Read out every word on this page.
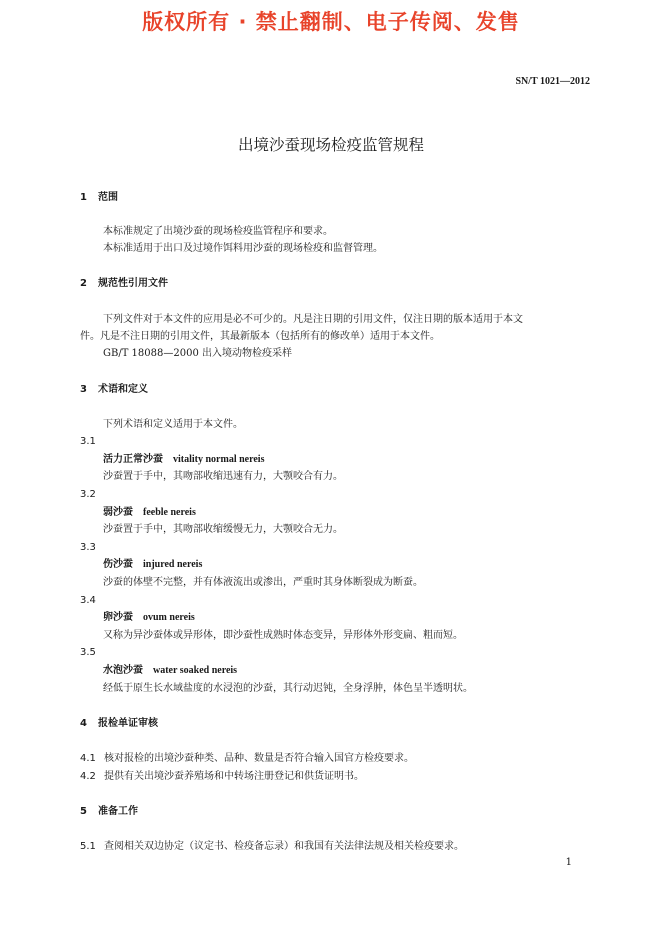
版权所有 · 禁止翻制、电子传阅、发售
SN/T 1021—2012
出境沙蚕现场检疫监管规程
1 范围
本标准规定了出境沙蚕的现场检疫监管程序和要求。
本标准适用于出口及过境作饵料用沙蚕的现场检疫和监督管理。
2 规范性引用文件
下列文件对于本文件的应用是必不可少的。凡是注日期的引用文件，仅注日期的版本适用于本文
件。凡是不注日期的引用文件，其最新版本（包括所有的修改单）适用于本文件。
GB/T 18088—2000 出入境动物检疫采样
3 术语和定义
下列术语和定义适用于本文件。
3.1
活力正常沙蚕 vitality normal nereis
沙蚕置于手中，其吻部收缩迅速有力，大颚咬合有力。
3.2
弱沙蚕 feeble nereis
沙蚕置于手中，其吻部收缩缓慢无力，大颚咬合无力。
3.3
伤沙蚕 injured nereis
沙蚕的体壁不完整，并有体液流出或渗出，严重时其身体断裂成为断蚕。
3.4
卵沙蚕 ovum nereis
又称为异沙蚕体或异形体，即沙蚕性成熟时体态变异，异形体外形变扁、粗而短。
3.5
水泡沙蚕 water soaked nereis
经低于原生长水域盐度的水浸泡的沙蚕，其行动迟钝，全身浮肿，体色呈半透明状。
4 报检单证审核
4.1 核对报检的出境沙蚕种类、品种、数量是否符合输入国官方检疫要求。
4.2 提供有关出境沙蚕养殖场和中转场注册登记和供货证明书。
5 准备工作
5.1 查阅相关双边协定（议定书、检疫备忘录）和我国有关法律法规及相关检疫要求。
1
